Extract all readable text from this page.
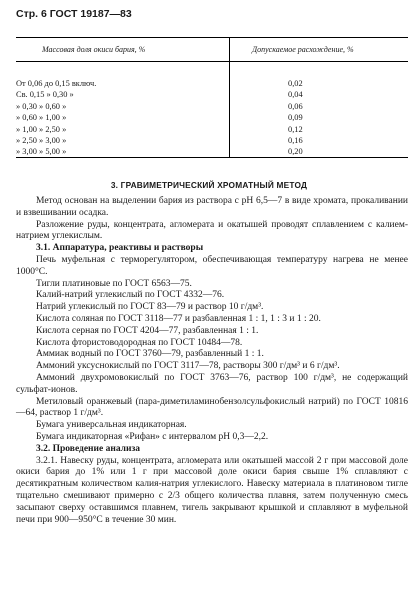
Стр. 6 ГОСТ 19187—83
Массовая доля окиси бария, %	Допускаемое расхождение, %
От 0,06 до 0,15 включ.	0,02
Св. 0,15 » 0,30 »	0,04
» 0,30 » 0,60 »	0,06
» 0,60 » 1,00 »	0,09
» 1,00 » 2,50 »	0,12
» 2,50 » 3,00 »	0,16
» 3,00 » 5,00 »	0,20
3. ГРАВИМЕТРИЧЕСКИЙ ХРОМАТНЫЙ МЕТОД

Метод основан на выделении бария из раствора с pH 6,5—7 в виде хромата, прокаливании и взвешивании осадка.

Разложение руды, концентрата, агломерата и окатышей проводят сплавлением с калием-натрием углекислым.

3.1. Аппаратура, реактивы и растворы

Печь муфельная с терморегулятором, обеспечивающая температуру нагрева не менее 1000°С.

Тигли платиновые по ГОСТ 6563—75.

Калий-натрий углекислый по ГОСТ 4332—76.

Натрий углекислый по ГОСТ 83—79 и раствор 10 г/дм³.

Кислота соляная по ГОСТ 3118—77 и разбавленная 1 : 1, 1 : 3 и 1 : 20.

Кислота серная по ГОСТ 4204—77, разбавленная 1 : 1.

Кислота фтористоводородная по ГОСТ 10484—78.

Аммиак водный по ГОСТ 3760—79, разбавленный 1 : 1.

Аммоний уксуснокислый по ГОСТ 3117—78, растворы 300 г/дм³ и 6 г/дм³.

Аммоний двухромовокислый по ГОСТ 3763—76, раствор 100 г/дм³, не содержащий сульфат-ионов.

Метиловый оранжевый (пара-диметиламинобензолсульфокислый натрий) по ГОСТ 10816—64, раствор 1 г/дм³.

Бумага универсальная индикаторная.

Бумага индикаторная «Рифан» с интервалом pH 0,3—2,2.

3.2. Проведение анализа

3.2.1. Навеску руды, концентрата, агломерата или окатышей массой 2 г при массовой доле окиси бария до 1% или 1 г при массовой доле окиси бария свыше 1% сплавляют с десятикратным количеством калия-натрия углекислого. Навеску материала в платиновом тигле тщательно смешивают примерно с 2/3 общего количества плавня, затем полученную смесь засыпают сверху оставшимся плавнем, тигель закрывают крышкой и сплавляют в муфельной печи при 900—950°С в течение 30 мин.
